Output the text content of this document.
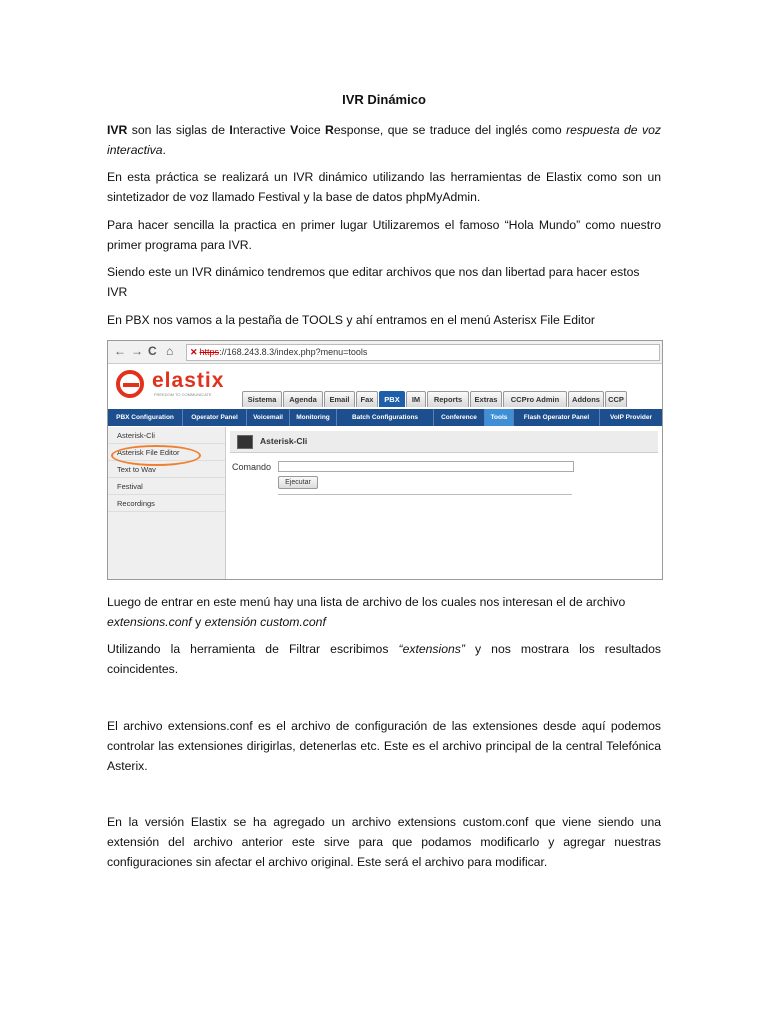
IVR Dinámico
IVR son las siglas de Interactive Voice Response, que se traduce del inglés como respuesta de voz interactiva.
En esta práctica se realizará un IVR dinámico utilizando las herramientas de Elastix como son un sintetizador de voz llamado Festival y la base de datos phpMyAdmin.
Para hacer sencilla la practica en primer lugar Utilizaremos el famoso “Hola Mundo” como nuestro primer programa para IVR.
Siendo este un IVR dinámico tendremos que editar archivos que nos dan libertad para hacer estos IVR
En PBX nos vamos a la pestaña de TOOLS y ahí entramos en el menú Asterisx File Editor
Luego de entrar en este menú hay una lista de archivo de los cuales nos interesan el de archivo extensions.conf y extensión custom.conf
Utilizando la herramienta de Filtrar escribimos “extensions” y nos mostrara los resultados coincidentes.
El archivo extensions.conf es el archivo de configuración de las extensiones desde aquí podemos controlar las extensiones dirigirlas, detenerlas etc. Este es el archivo principal de la central Telefónica Asterix.
En la versión Elastix se ha agregado un archivo extensions custom.conf que viene siendo una extensión del archivo anterior este sirve para que podamos modificarlo y agregar nuestras configuraciones sin afectar el archivo original. Este será el archivo para modificar.
← → C ⌂	✕ https://168.243.8.3/index.php?menu=tools
elastix
FREEDOM TO COMMUNICATE
Sistema	Agenda	Email	Fax	PBX	IM	Reports	Extras	CCPro Admin	Addons	CCP
PBX Configuration	Operator Panel	Voicemail	Monitoring	Batch Configurations	Conference	Tools	Flash Operator Panel	VoIP Provider
Asterisk-Cli
Asterisk File Editor
Text to Wav
Festival
Recordings
Asterisk-Cli
Comando
Ejecutar
